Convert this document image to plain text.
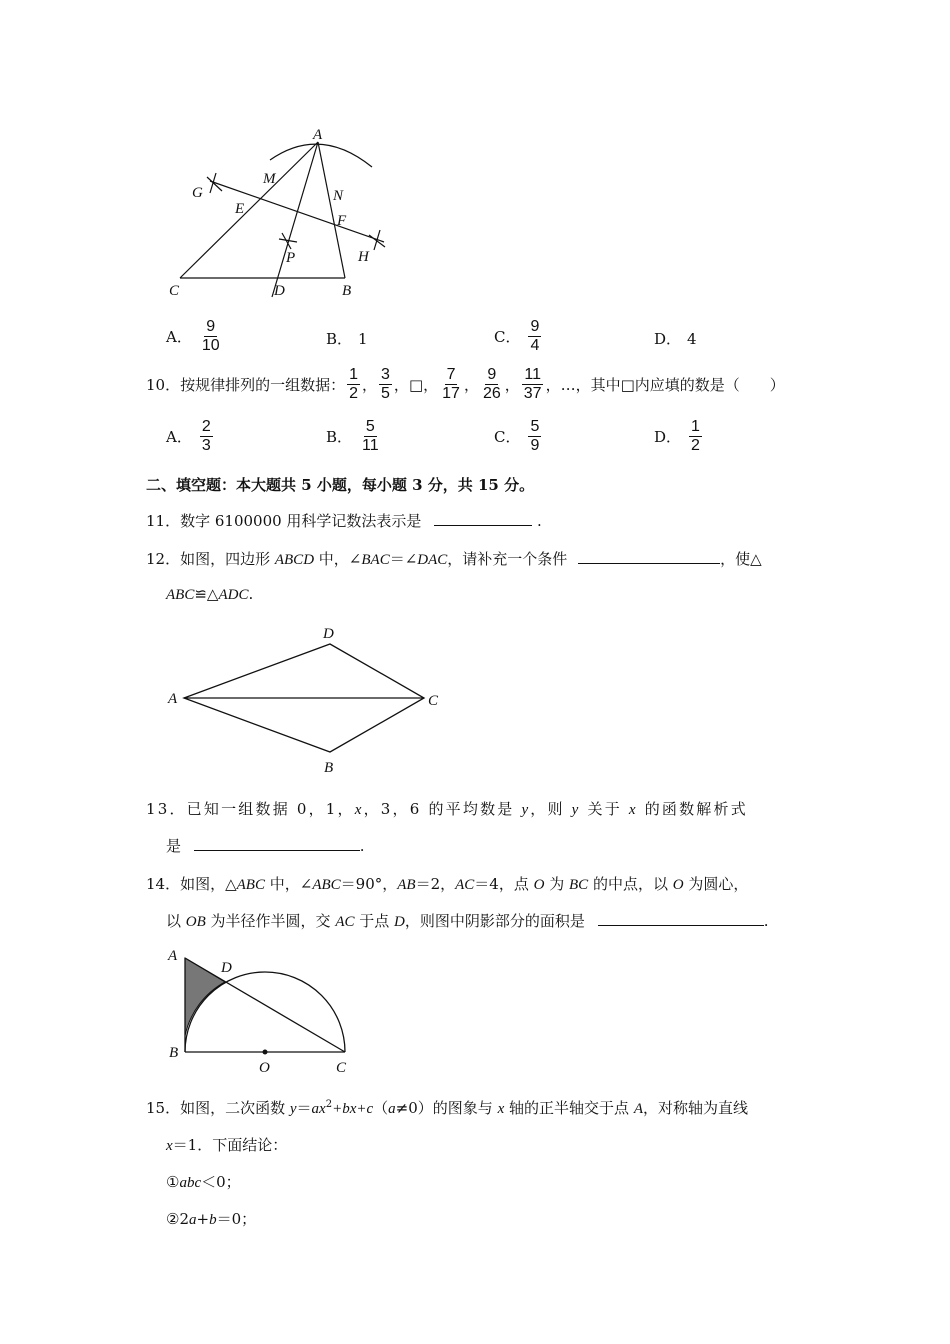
A
M
N
G
E
F
H
P
C	D	B
A． $\frac{9}{10}$	B． 1	C． $\frac{9}{4}$	D． 4
10．按规律排列的一组数据： $\frac{1}{2}$ ， $\frac{3}{5}$ ， □ ， $\frac{7}{17}$ ， $\frac{9}{26}$ ， $\frac{11}{37}$ ，…，其中□内应填的数是（　　）
A． $\frac{2}{3}$	B． $\frac{5}{11}$	C． $\frac{5}{9}$	D． $\frac{1}{2}$
二、填空题：本大题共 5 小题，每小题 3 分，共 15 分。
11．数字 6100000 用科学记数法表示是	.
12．如图，四边形 ABCD 中，∠BAC＝∠DAC，请补充一个条件	，使△
ABC≌△ADC.
A
D
C
B
13．已知一组数据 0，1，x，3，6 的平均数是 y，则 y 关于 x 的函数解析式
是	.
14．如图，△ABC 中，∠ABC＝90°，AB＝2，AC＝4，点 O 为 BC 的中点，以 O 为圆心，
以 OB 为半径作半圆，交 AC 于点 D，则图中阴影部分的面积是	.
A
D
B
O	C
15．如图，二次函数 $y=ax^2+bx+c(a\ne 0)$的图象与 x 轴的正半轴交于点 A，对称轴为直线
x＝1．下面结论：
①abc＜0；
②2a+b＝0；
